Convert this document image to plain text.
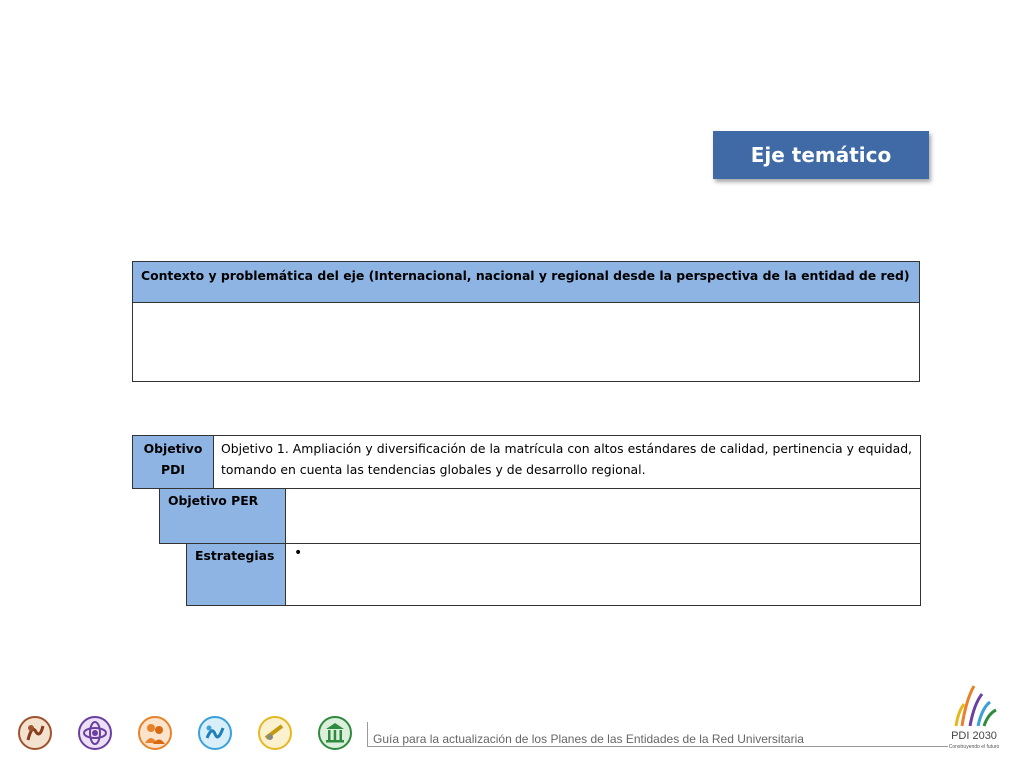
Eje temático
Contexto y problemática del eje (Internacional, nacional y regional desde la perspectiva de la entidad de red)
Objetivo PDI
Objetivo 1. Ampliación y diversificación de la matrícula con altos estándares de calidad, pertinencia y equidad, tomando en cuenta las tendencias globales y de desarrollo regional.
Objetivo PER
Estrategias	•
Guía para la actualización de los Planes de las Entidades de la Red Universitaria	PDI 2030
Construyendo el futuro
